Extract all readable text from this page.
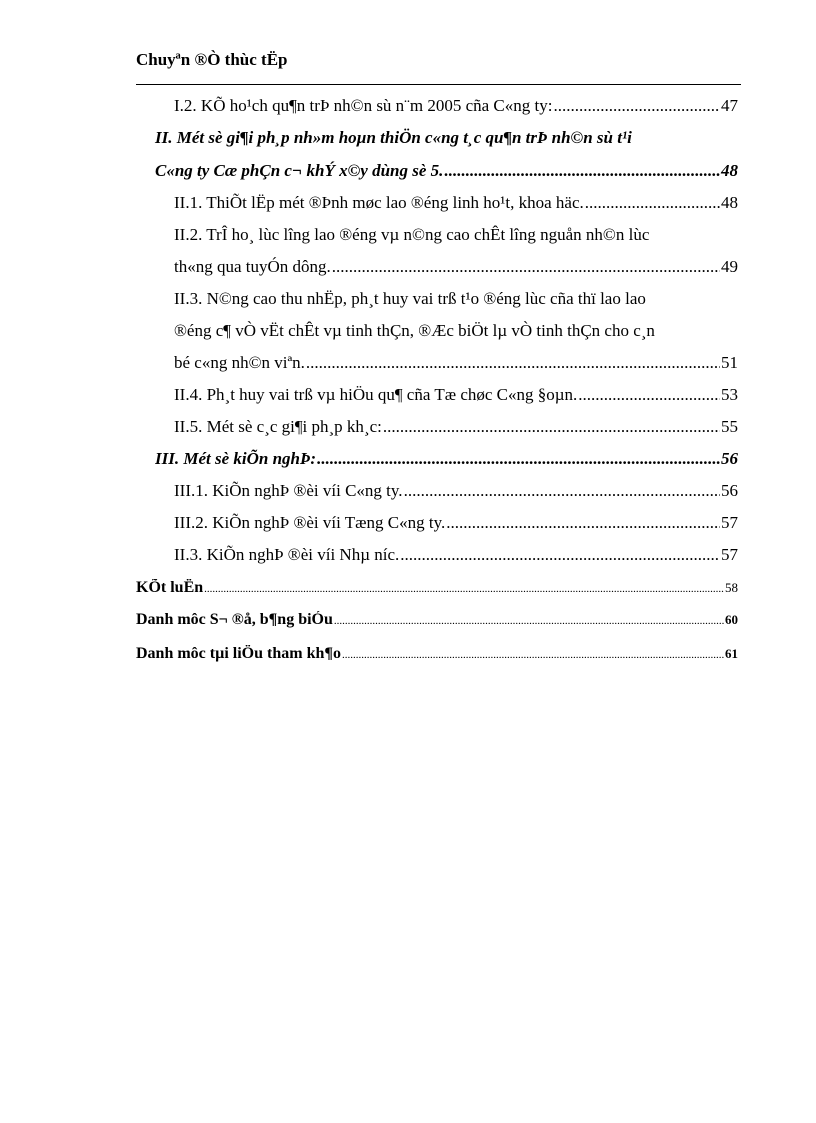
Chuyªn ®Ò thùc tËp
I.2. KÕ ho¹ch qu¶n trÞ nh©n sù n¨m 2005 cña C«ng ty: .....	47
II. Mét sè gi¶i ph¸p nh»m hoµn thiÖn c«ng t¸c qu¶n trÞ nh©n sù t¹i
C«ng ty Cæ phÇn c¬ khÝ x©y dùng sè 5. .....	48
II.1. ThiÕt lËp mét ®Þnh møc lao ®éng linh ho¹t, khoa häc. .....	48
II.2. TrÎ ho¸ lùc lîng lao ®éng vµ n©ng cao chÊt lîng nguån nh©n lùc
th«ng qua tuyÓn dông. .....	49
II.3. N©ng cao thu nhËp, ph¸t huy vai trß t¹o ®éng lùc cña thï lao lao
®éng c¶ vÒ vËt chÊt vµ tinh thÇn, ®Æc biÖt lµ vÒ tinh thÇn cho c¸n
bé c«ng nh©n viªn. .....	51
II.4. Ph¸t huy vai trß vµ hiÖu qu¶ cña Tæ chøc C«ng §oµn. .....	53
II.5. Mét sè c¸c gi¶i ph¸p kh¸c: .....	55
III. Mét sè kiÕn nghÞ: .....	56
III.1. KiÕn nghÞ ®èi víi C«ng ty. .....	56
III.2. KiÕn nghÞ ®èi víi Tæng C«ng ty. .....	57
II.3. KiÕn nghÞ ®èi víi Nhµ níc. .....	57
KÕt luËn .....	58
Danh môc S¬ ®å, b¶ng biÓu .....	60
Danh môc tµi liÖu tham kh¶o .....	61
